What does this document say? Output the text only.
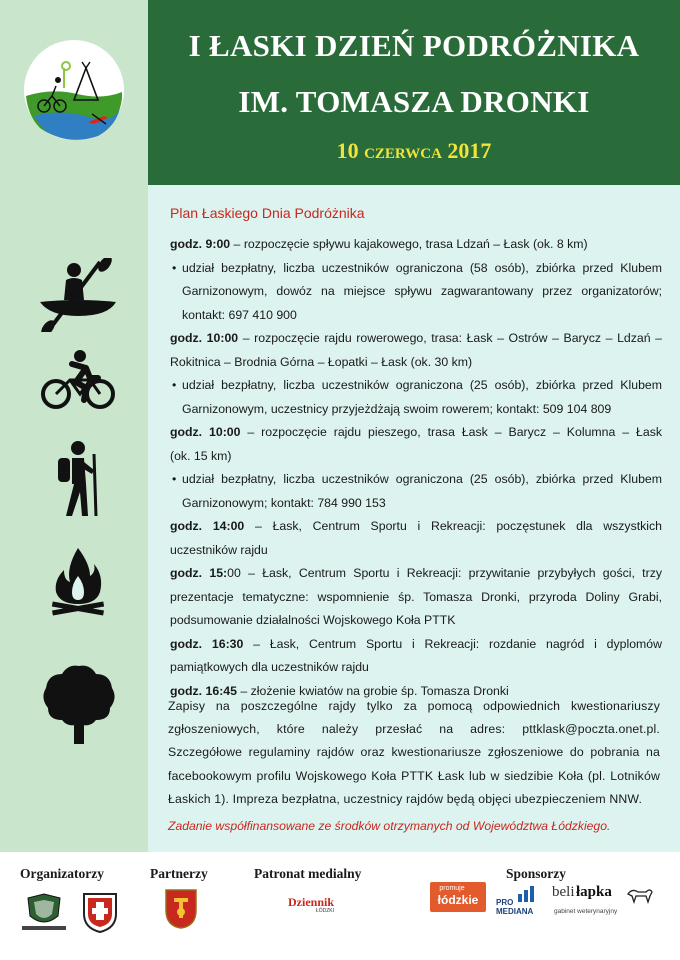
I ŁASKI DZIEŃ PODRÓŻNIKA
IM. TOMASZA DRONKI
10 CZERWCA 2017
Plan Łaskiego Dnia Podróżnika
godz. 9:00 – rozpoczęcie spływu kajakowego, trasa Ldzań – Łask (ok. 8 km)
• udział bezpłatny, liczba uczestników ograniczona (58 osób), zbiórka przed Klubem
Garnizonowym, dowóz na miejsce spływu zagwarantowany przez organizatorów;
kontakt: 697 410 900
godz. 10:00 – rozpoczęcie rajdu rowerowego, trasa: Łask – Ostrów – Barycz – Ldzań –
Rokitnica – Brodnia Górna – Łopatki – Łask (ok. 30 km)
• udział bezpłatny, liczba uczestników ograniczona (25 osób), zbiórka przed Klubem
Garnizonowym, uczestnicy przyjeżdżają swoim rowerem; kontakt: 509 104 809
godz. 10:00 – rozpoczęcie rajdu pieszego, trasa Łask – Barycz – Kolumna – Łask
(ok. 15 km)
• udział bezpłatny, liczba uczestników ograniczona (25 osób), zbiórka przed Klubem
Garnizonowym; kontakt: 784 990 153
godz. 14:00 – Łask, Centrum Sportu i Rekreacji: poczęstunek dla wszystkich
uczestników rajdu
godz. 15:00 – Łask, Centrum Sportu i Rekreacji: przywitanie przybyłych gości, trzy
prezentacje tematyczne: wspomnienie śp. Tomasza Dronki, przyroda Doliny Grabi,
podsumowanie działalności Wojskowego Koła PTTK
godz. 16:30 – Łask, Centrum Sportu i Rekreacji: rozdanie nagród i dyplomów
pamiątkowych dla uczestników rajdu
godz. 16:45 – złożenie kwiatów na grobie śp. Tomasza Dronki
Zapisy na poszczególne rajdy tylko za pomocą odpowiednich kwestionariuszy
zgłoszeniowych, które należy przesłać na adres: pttklask@poczta.onet.pl.
Szczegółowe regulaminy rajdów oraz kwestionariusze zgłoszeniowe do pobrania na
facebookowym profilu Wojskowego Koła PTTK Łask lub w siedzibie Koła (pl. Lotników
Łaskich 1). Impreza bezpłatna, uczestnicy rajdów będą objęci ubezpieczeniem NNW.
Zadanie współfinansowane ze środków otrzymanych od Województwa Łódzkiego.
Organizatorzy	Partnerzy	Patronat medialny	Sponsorzy
Dziennik
ŁÓDZKI
promuje
łódzkie	PRO
MEDIANA
beli łapka
gabinet weterynaryjny
